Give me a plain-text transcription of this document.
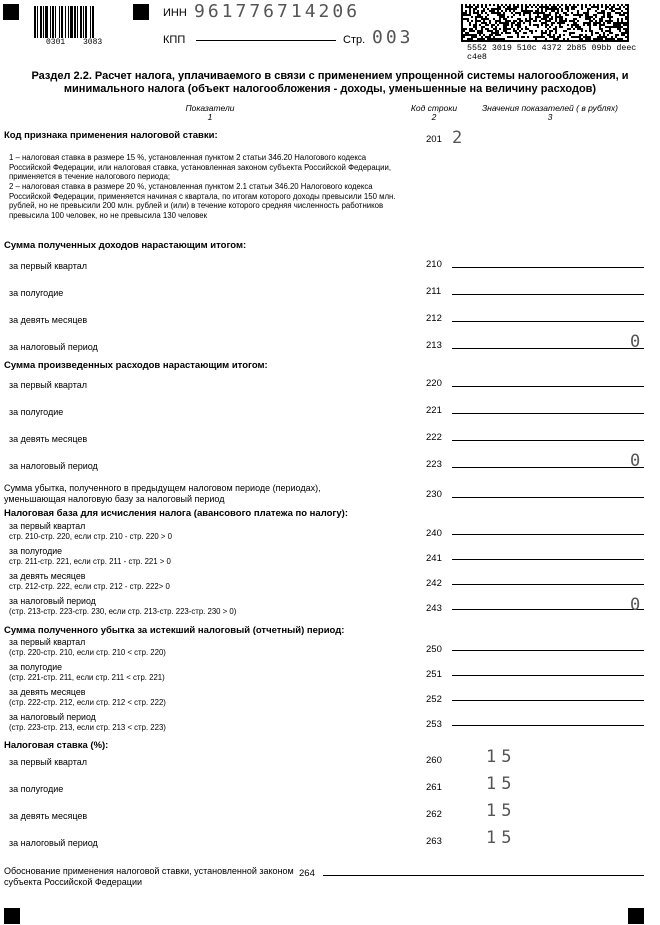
0301 3083
ИНН 961776714206
КПП	Стр. 003
5552 3019 510c 4372 2b85 09bb deec c4e8
Раздел 2.2. Расчет налога, уплачиваемого в связи с применением упрощенной системы налогообложения, и минимального налога (объект налогообложения - доходы, уменьшенные на величину расходов)
Показатели
1
Код строки
2
Значения показателей ( в рублях)
3
Код признака применения налоговой ставки:	201 2
1 – налоговая ставка в размере 15 %, установленная пунктом 2 статьи 346.20 Налогового кодекса Российской Федерации, или налоговая ставка, установленная законом субъекта Российской Федерации, применяется в течение налогового периода;
2 – налоговая ставка в размере 20 %, установленная пунктом 2.1 статьи 346.20 Налогового кодекса Российской Федерации, применяется начиная с квартала, по итогам которого доходы превысили 150 млн. рублей, но не превысили 200 млн. рублей и (или) в течение которого средняя численность работников превысила 100 человек, но не превысила 130 человек
Сумма полученных доходов нарастающим итогом:
за первый квартал	210
за полугодие	211
за девять месяцев	212
за налоговый период	213	0
Сумма произведенных расходов нарастающим итогом:
за первый квартал	220
за полугодие	221
за девять месяцев	222
за налоговый период	223	0
Сумма убытка, полученного в предыдущем налоговом периоде (периодах), уменьшающая налоговую базу за налоговый период	230
Налоговая база для исчисления налога (авансового платежа по налогу):
за первый квартал
стр. 210-стр. 220, если стр. 210 - стр. 220 > 0	240
за полугодие
стр. 211-стр. 221, если стр. 211 - стр. 221 > 0	241
за девять месяцев
стр. 212-стр. 222, если стр. 212 - стр. 222> 0	242
за налоговый период
(стр. 213-стр. 223-стр. 230, если стр. 213-стр. 223-стр. 230 > 0)	243	0
Сумма полученного убытка за истекший налоговый (отчетный) период:
за первый квартал
(стр. 220-стр. 210, если стр. 210 < стр. 220)	250
за полугодие
(стр. 221-стр. 211, если стр. 211 < стр. 221)	251
за девять месяцев
(стр. 222-стр. 212, если стр. 212 < стр. 222)	252
за налоговый период
(стр. 223-стр. 213, если стр. 213 < стр. 223)	253
Налоговая ставка (%):
за первый квартал	260	15
за полугодие	261	15
за девять месяцев	262	15
за налоговый период	263	15
Обоснование применения налоговой ставки, установленной законом субъекта Российской Федерации
264
